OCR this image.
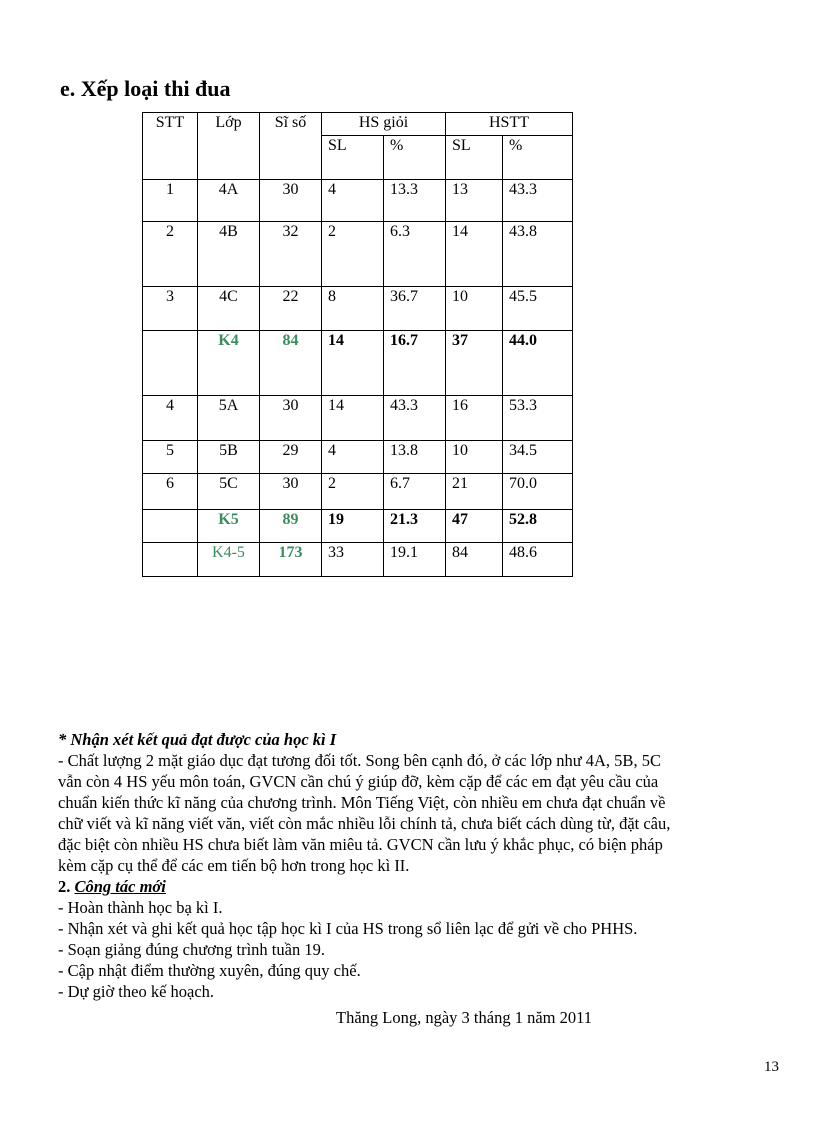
e. Xếp loại thi đua
STT	Lớp	Sĩ số	HS giỏi		HSTT	
			SL	%	SL	%
1	4A	30	4	13.3	13	43.3
2	4B	32	2	6.3	14	43.8
3	4C	22	8	36.7	10	45.5
	K4	84	14	16.7	37	44.0
4	5A	30	14	43.3	16	53.3
5	5B	29	4	13.8	10	34.5
6	5C	30	2	6.7	21	70.0
	K5	89	19	21.3	47	52.8
	K4-5	173	33	19.1	84	48.6

* Nhận xét kết quả đạt được của học kì I

- Chất lượng 2 mặt giáo dục đạt tương đối tốt. Song bên cạnh đó, ở các lớp như 4A, 5B, 5C

vẫn còn 4 HS yếu môn toán, GVCN cần chú ý giúp đỡ, kèm cặp để các em đạt yêu cầu của

chuẩn kiến thức kĩ năng của chương trình. Môn Tiếng Việt, còn nhiều em chưa đạt chuẩn về

chữ viết và kĩ năng viết văn, viết còn mắc nhiều lỗi chính tả, chưa biết cách dùng từ, đặt câu,

đặc biệt còn nhiều HS chưa biết làm văn miêu tả. GVCN cần lưu ý khắc phục, có biện pháp

kèm cặp cụ thể để các em tiến bộ hơn trong học kì II.

2. Công tác mới

- Hoàn thành học bạ kì I.

- Nhận xét và ghi kết quả học tập học kì I của HS trong sổ liên lạc để gửi về cho PHHS.

- Soạn giảng đúng chương trình tuần 19.

- Cập nhật điểm thường xuyên, đúng quy chế.

- Dự giờ theo kế hoạch.

Thăng Long, ngày 3 tháng 1 năm 2011
13
